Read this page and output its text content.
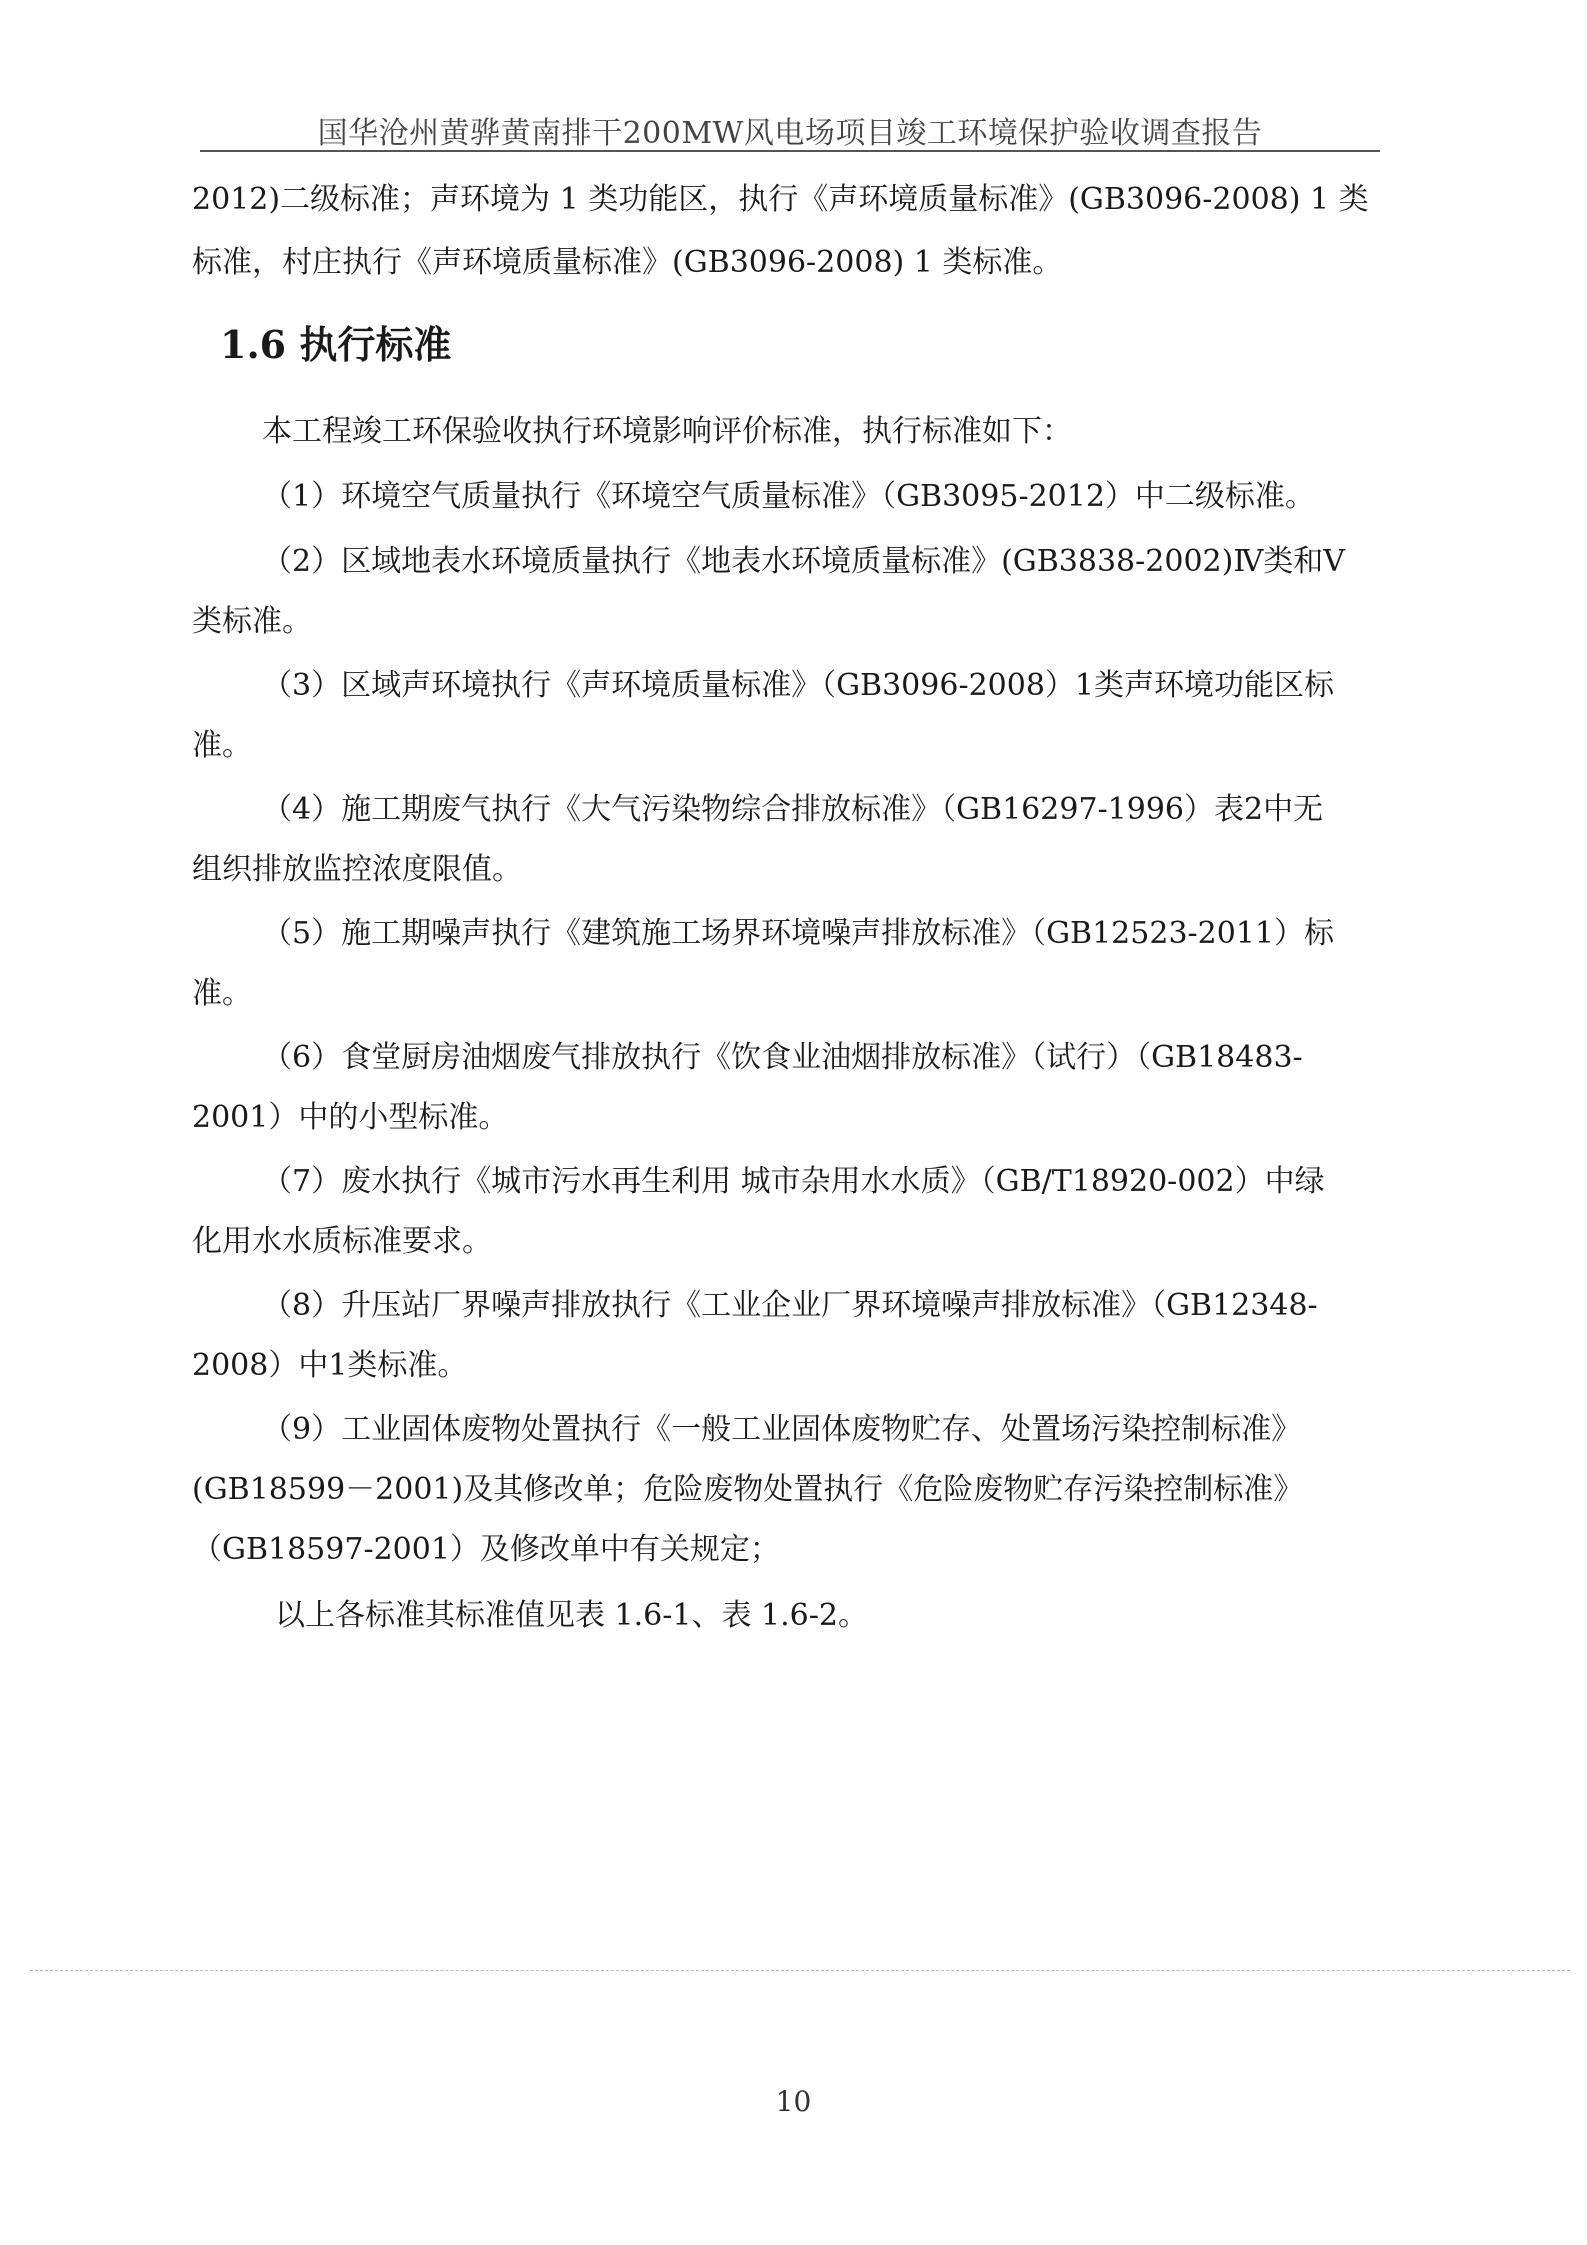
国华沧州黄骅黄南排干200MW风电场项目竣工环境保护验收调查报告
2012)二级标准；声环境为 1 类功能区，执行《声环境质量标准》(GB3096-2008) 1 类
标准，村庄执行《声环境质量标准》(GB3096-2008) 1 类标准。
1.6 执行标准
本工程竣工环保验收执行环境影响评价标准，执行标准如下：
（1）环境空气质量执行《环境空气质量标准》（GB3095-2012）中二级标准。
（2）区域地表水环境质量执行《地表水环境质量标准》(GB3838-2002)Ⅳ类和Ⅴ
类标准。
（3）区域声环境执行《声环境质量标准》（GB3096-2008）1类声环境功能区标
准。
（4）施工期废气执行《大气污染物综合排放标准》（GB16297-1996）表2中无
组织排放监控浓度限值。
（5）施工期噪声执行《建筑施工场界环境噪声排放标准》（GB12523-2011）标
准。
（6）食堂厨房油烟废气排放执行《饮食业油烟排放标准》（试行）（GB18483-
2001）中的小型标准。
（7）废水执行《城市污水再生利用 城市杂用水水质》（GB/T18920-002）中绿
化用水水质标准要求。
（8）升压站厂界噪声排放执行《工业企业厂界环境噪声排放标准》（GB12348-
2008）中1类标准。
（9）工业固体废物处置执行《一般工业固体废物贮存、处置场污染控制标准》
(GB18599－2001)及其修改单；危险废物处置执行《危险废物贮存污染控制标准》
（GB18597-2001）及修改单中有关规定；
以上各标准其标准值见表 1.6-1、表 1.6-2。
10
